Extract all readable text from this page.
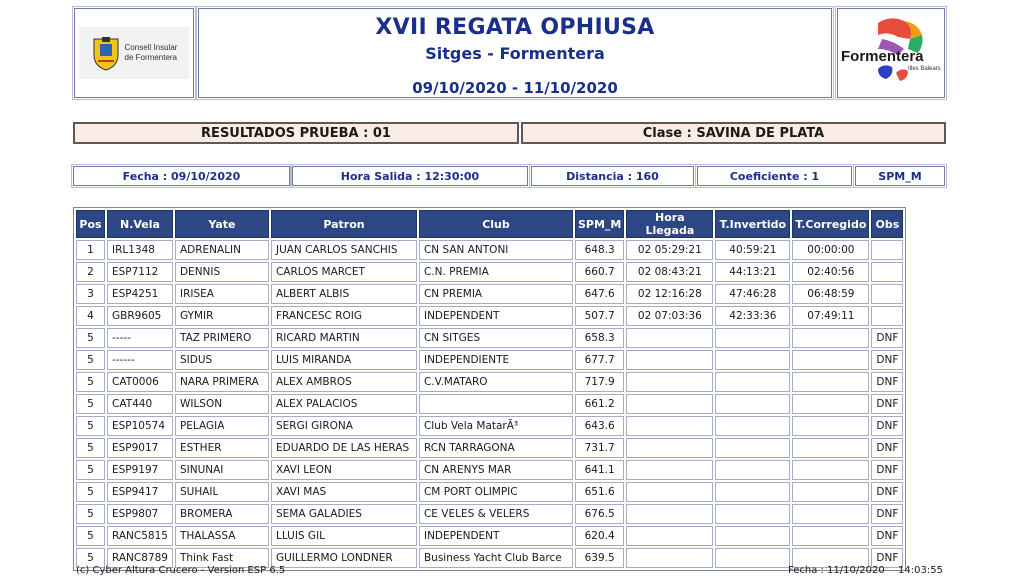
Consell Insular
de Formentera
XVII REGATA OPHIUSA
Sitges - Formentera
09/10/2020 - 11/10/2020
Formentera
Illes Balears
RESULTADOS PRUEBA : 01	Clase : SAVINA DE PLATA
Fecha : 09/10/2020	Hora Salida : 12:30:00	Distancia : 160	Coeficiente : 1	SPM_M
Pos	N.Vela	Yate	Patron	Club	SPM_M	Hora Llegada	T.Invertido	T.Corregido	Obs
1	IRL1348	ADRENALIN	JUAN CARLOS SANCHIS	CN SAN ANTONI	648.3	02 05:29:21	40:59:21	00:00:00	
2	ESP7112	DENNIS	CARLOS MARCET	C.N. PREMIA	660.7	02 08:43:21	44:13:21	02:40:56	
3	ESP4251	IRISEA	ALBERT ALBIS	CN PREMIA	647.6	02 12:16:28	47:46:28	06:48:59	
4	GBR9605	GYMIR	FRANCESC ROIG	INDEPENDENT	507.7	02 07:03:36	42:33:36	07:49:11	
5	-----	TAZ PRIMERO	RICARD MARTIN	CN SITGES	658.3				DNF
5	------	SIDUS	LUIS MIRANDA	INDEPENDIENTE	677.7				DNF
5	CAT0006	NARA PRIMERA	ALEX AMBROS	C.V.MATARO	717.9				DNF
5	CAT440	WILSON	ALEX PALACIOS		661.2				DNF
5	ESP10574	PELAGIA	SERGI GIRONA	Club Vela MatarÃ³	643.6				DNF
5	ESP9017	ESTHER	EDUARDO DE LAS HERAS	RCN TARRAGONA	731.7				DNF
5	ESP9197	SINUNAI	XAVI LEON	CN ARENYS MAR	641.1				DNF
5	ESP9417	SUHAIL	XAVI MAS	CM PORT OLIMPIC	651.6				DNF
5	ESP9807	BROMERA	SEMA GALADIES	CE VELES & VELERS	676.5				DNF
5	RANC5815	THALASSA	LLUIS GIL	INDEPENDENT	620.4				DNF
5	RANC8789	Think Fast	GUILLERMO LONDNER	Business Yacht Club Barce	639.5				DNF
(c) Cyber Altura Crucero - Version ESP 6.5	Fecha : 11/10/2020 14:03:55
